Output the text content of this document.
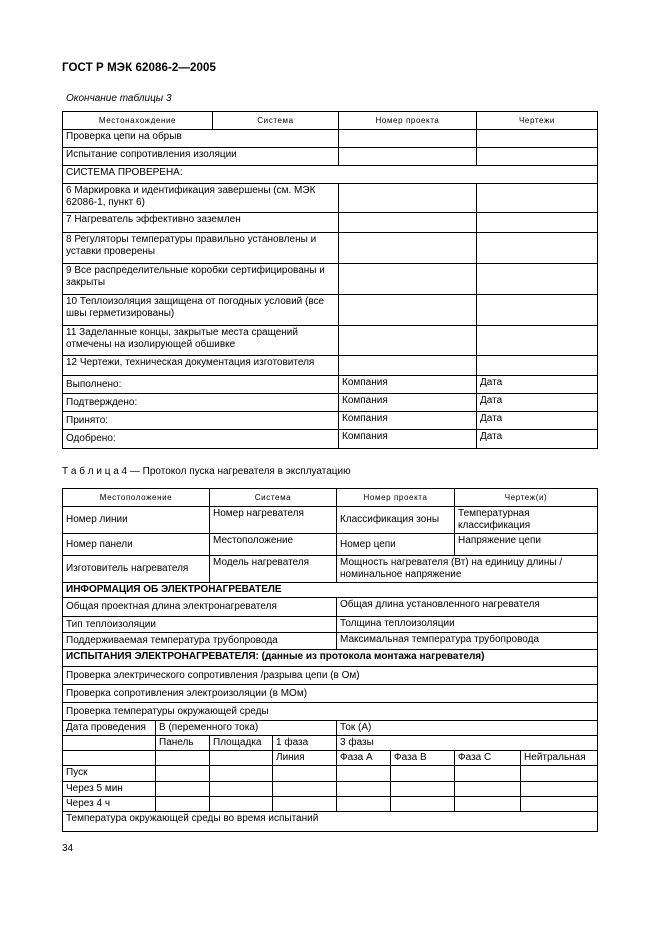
ГОСТ Р МЭК 62086-2—2005
Окончание таблицы 3
Местонахождение	Система	Номер проекта	Чертежи
Проверка цепи на обрыв			
Испытание сопротивления изоляции			
СИСТЕМА ПРОВЕРЕНА:			
6 Маркировка и идентификация завершены (см. МЭК 62086-1, пункт 6)			
7 Нагреватель эффективно заземлен			
8 Регуляторы температуры правильно установлены и уставки проверены			
9 Все распределительные коробки сертифицированы и закрыты			
10 Теплоизоляция защищена от погодных условий (все швы герметизированы)			
11 Заделанные концы, закрытые места сращений отмечены на изолирующей обшивке			
12 Чертежи, техническая документация изготовителя			
Выполнено:		Компания	Дата
Подтверждено:		Компания	Дата
Принято:		Компания	Дата
Одобрено:		Компания	Дата
Т а б л и ц а 4 — Протокол пуска нагревателя в эксплуатацию
Местоположение		Система		Номер проекта		Чертеж(и)	
Номер линии		Номер нагревателя		Классификация зоны		Температурная классификация	
Номер панели		Местоположение		Номер цепи		Напряжение цепи	
Изготовитель нагревателя		Модель нагревателя		Мощность нагревателя (Вт) на единицу длины / номинальное напряжение			
ИНФОРМАЦИЯ ОБ ЭЛЕКТРОНАГРЕВАТЕЛЕ							
Общая проектная длина электронагревателя				Общая длина установленного нагревателя			
Тип теплоизоляции				Толщина теплоизоляции			
Поддерживаемая температура трубопровода				Максимальная температура трубопровода			
ИСПЫТАНИЯ ЭЛЕКТРОНАГРЕВАТЕЛЯ: (данные из протокола монтажа нагревателя)							
Проверка электрического сопротивления /разрыва цепи (в Ом)							
Проверка сопротивления электроизоляции (в МОм)							
Проверка температуры окружающей среды							
Дата проведения	В (переменного тока)			Ток (А)			
	Панель	Площадка	1 фаза	3 фазы			
			Линия	Фаза А	Фаза В	Фаза С	Нейтральная
Пуск							
Через 5 мин							
Через 4 ч							
Температура окружающей среды во время испытаний							
34
